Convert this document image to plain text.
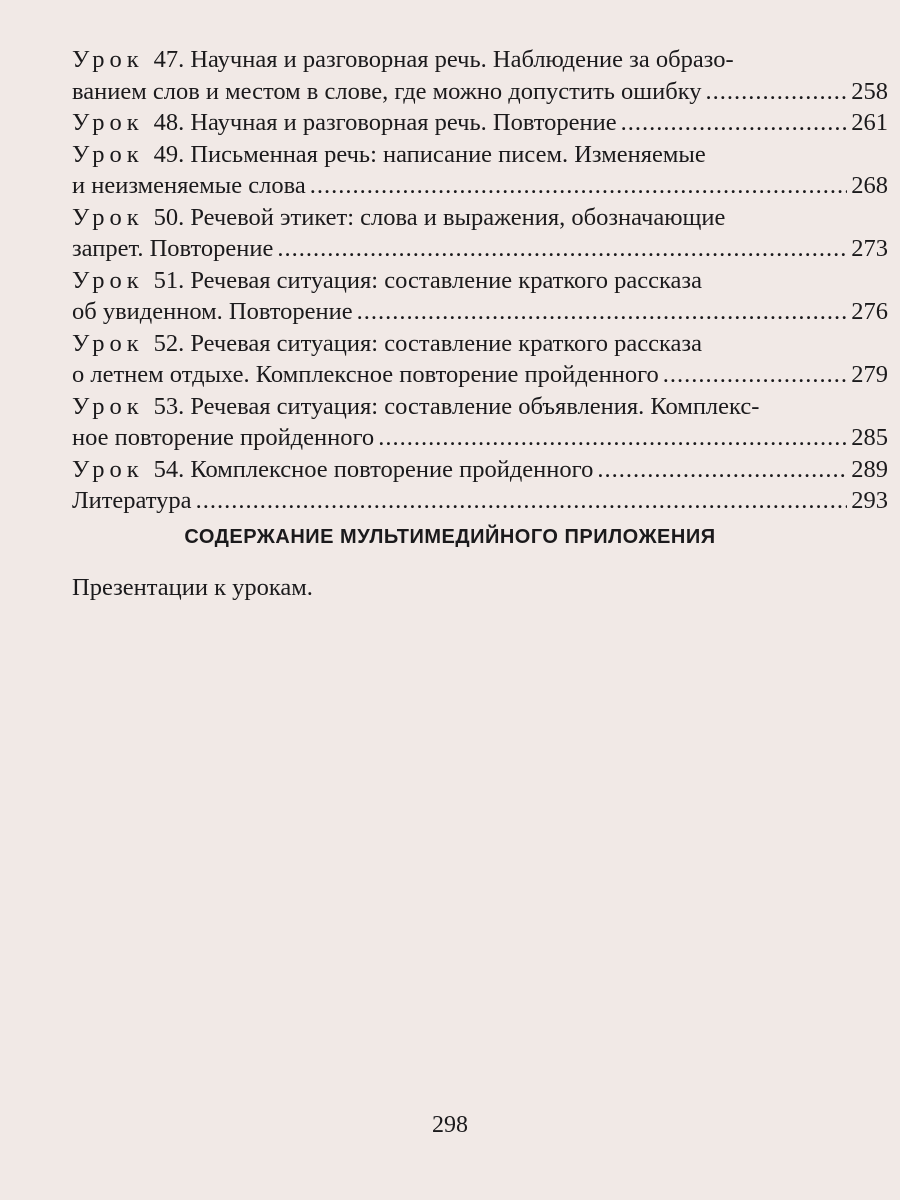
Урок 47.
Научная и разговорная речь. Наблюдение за образо-
ванием слов и местом в слове, где можно допустить ошибку .....	258
Урок 48.
Научная и разговорная речь. Повторение .....	261
Урок 49.
Письменная речь: написание писем. Изменяемые
и неизменяемые слова .....	268
Урок 50.
Речевой этикет: слова и выражения, обозначающие
запрет. Повторение .....	273
Урок 51.
Речевая ситуация: составление краткого рассказа
об увиденном. Повторение .....	276
Урок 52.
Речевая ситуация: составление краткого рассказа
о летнем отдыхе. Комплексное повторение пройденного .....	279
Урок 53.
Речевая ситуация: составление объявления. Комплекс-
ное повторение пройденного .....	285
Урок 54.
Комплексное повторение пройденного .....	289
Литература .....	293
СОДЕРЖАНИЕ МУЛЬТИМЕДИЙНОГО ПРИЛОЖЕНИЯ
Презентации к урокам.
298
